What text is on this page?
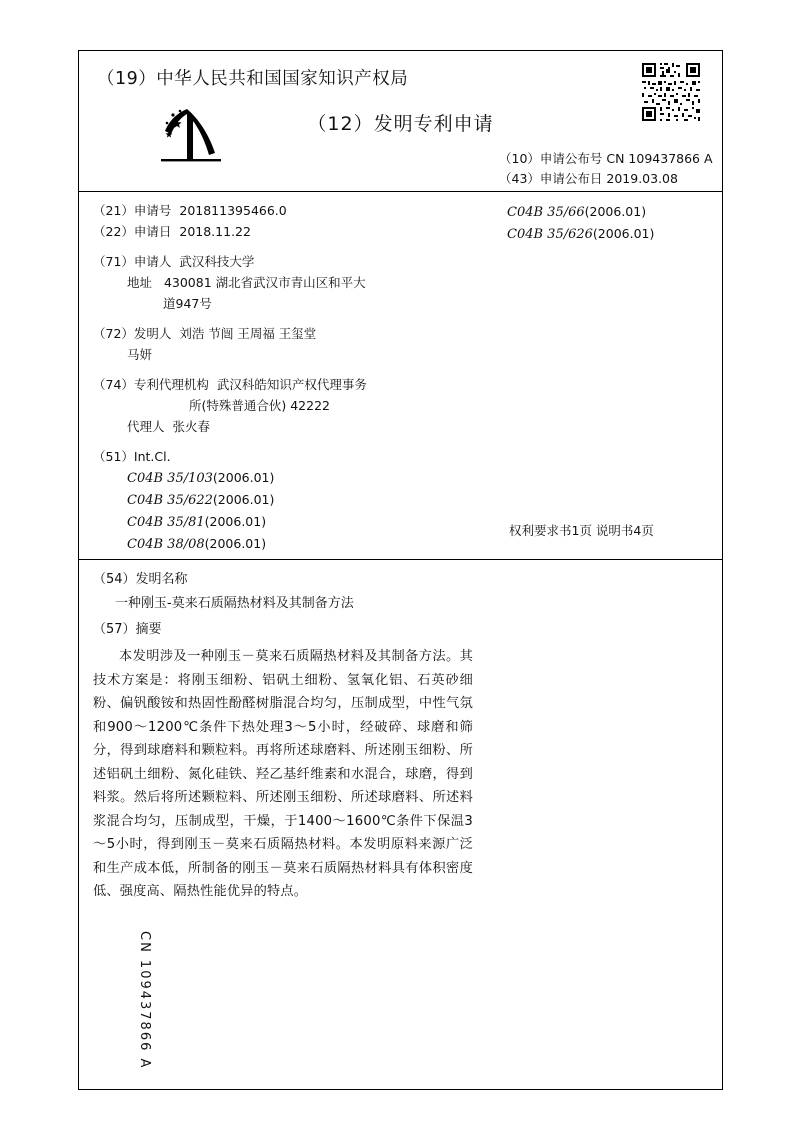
（19）中华人民共和国国家知识产权局
（12）发明专利申请
（10）申请公布号 CN 109437866 A
（43）申请公布日 2019.03.08
（21）申请号 201811395466.0
（22）申请日 2018.11.22
（71）申请人 武汉科技大学
地址 430081 湖北省武汉市青山区和平大
道947号
（72）发明人 刘浩 节闿 王周福 王玺堂
马妍
（74）专利代理机构 武汉科皓知识产权代理事务
所(特殊普通合伙) 42222
代理人 张火春
（51）Int.Cl.
C04B 35/103(2006.01)
C04B 35/622(2006.01)
C04B 35/81(2006.01)
C04B 38/08(2006.01)
C04B 35/66(2006.01)
C04B 35/626(2006.01)
权利要求书1页 说明书4页
（54）发明名称
一种刚玉-莫来石质隔热材料及其制备方法
（57）摘要
本发明涉及一种刚玉－莫来石质隔热材料及其制备方法。其技术方案是：将刚玉细粉、铝矾土细粉、氢氧化铝、石英砂细粉、偏钒酸铵和热固性酚醛树脂混合均匀，压制成型，中性气氛和900～1200℃条件下热处理3～5小时，经破碎、球磨和筛分，得到球磨料和颗粒料。再将所述球磨料、所述刚玉细粉、所述铝矾土细粉、氮化硅铁、羟乙基纤维素和水混合，球磨，得到料浆。然后将所述颗粒料、所述刚玉细粉、所述球磨料、所述料浆混合均匀，压制成型，干燥，于1400～1600℃条件下保温3～5小时，得到刚玉－莫来石质隔热材料。本发明原料来源广泛和生产成本低，所制备的刚玉－莫来石质隔热材料具有体积密度低、强度高、隔热性能优异的特点。
CN 109437866 A
